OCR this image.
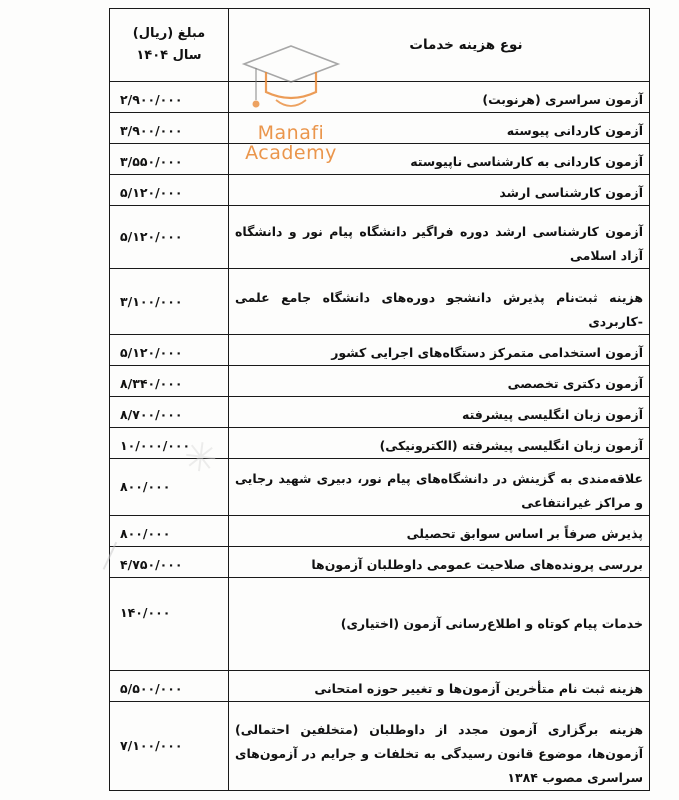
نوع هزینه خدمات	مبلغ (ریال)
سال ۱۴۰۴

آزمون سراسری (هرنوبت)	۲/۹۰۰/۰۰۰
آزمون کاردانی پیوسته	۳/۹۰۰/۰۰۰
آزمون کاردانی به کارشناسی ناپیوسته	۳/۵۵۰/۰۰۰
آزمون کارشناسی ارشد	۵/۱۲۰/۰۰۰
آزمون کارشناسی ارشد دوره فراگیر دانشگاه پیام نور و دانشگاه آزاد اسلامی	۵/۱۲۰/۰۰۰
هزینه ثبت‌نام پذیرش دانشجو دوره‌های دانشگاه جامع علمی -کاربردی	۳/۱۰۰/۰۰۰
آزمون استخدامی متمرکز دستگاه‌های اجرایی کشور	۵/۱۲۰/۰۰۰
آزمون دکتری تخصصی	۸/۳۴۰/۰۰۰
آزمون زبان انگلیسی پیشرفته	۸/۷۰۰/۰۰۰
آزمون زبان انگلیسی پیشرفته (الکترونیکی)	۱۰/۰۰۰/۰۰۰
علاقه‌مندی به گزینش در دانشگاه‌های پیام نور، دبیری شهید رجایی و مراکز غیرانتفاعی	۸۰۰/۰۰۰
پذیرش صرفاً بر اساس سوابق تحصیلی	۸۰۰/۰۰۰
بررسی پرونده‌های صلاحیت عمومی داوطلبان آزمون‌ها	۴/۷۵۰/۰۰۰
خدمات پیام کوتاه و اطلاع‌رسانی آزمون (اختیاری)	۱۴۰/۰۰۰
هزینه ثبت نام متأخرین آزمون‌ها و تغییر حوزه امتحانی	۵/۵۰۰/۰۰۰
هزینه برگزاری آزمون مجدد از داوطلبان (متخلفین احتمالی) آزمون‌ها، موضوع قانون رسیدگی به تخلفات و جرایم در آزمون‌های سراسری مصوب ۱۳۸۴	۷/۱۰۰/۰۰۰
Manafi
Academy
✳
